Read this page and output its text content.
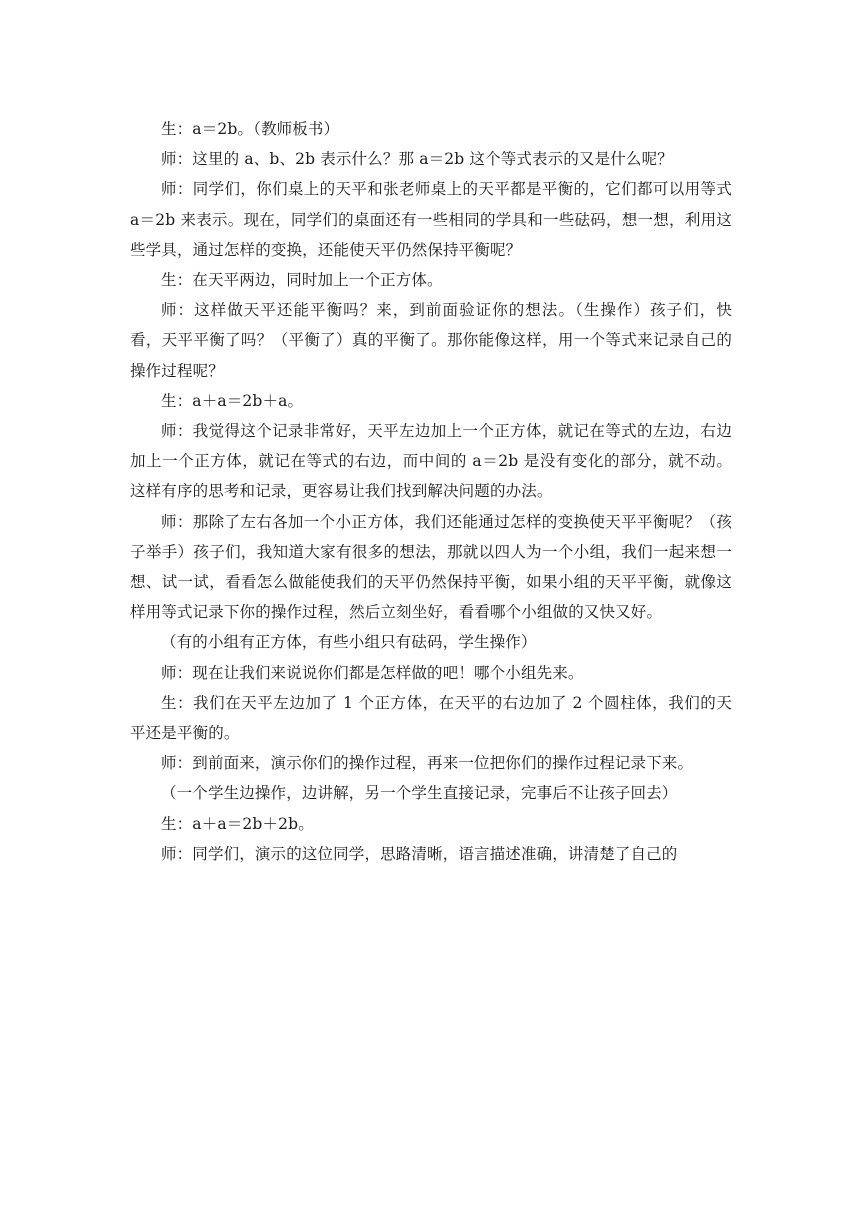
生：a＝2b。（教师板书）

师：这里的 a、b、2b 表示什么？那 a＝2b 这个等式表示的又是什么呢？

师：同学们，你们桌上的天平和张老师桌上的天平都是平衡的，它们都可以用等式 a＝2b 来表示。现在，同学们的桌面还有一些相同的学具和一些砝码，想一想，利用这些学具，通过怎样的变换，还能使天平仍然保持平衡呢？

生：在天平两边，同时加上一个正方体。

师：这样做天平还能平衡吗？来，到前面验证你的想法。（生操作）孩子们，快看，天平平衡了吗？（平衡了）真的平衡了。那你能像这样，用一个等式来记录自己的操作过程呢？

生：a＋a＝2b＋a。

师：我觉得这个记录非常好，天平左边加上一个正方体，就记在等式的左边，右边加上一个正方体，就记在等式的右边，而中间的 a＝2b 是没有变化的部分，就不动。这样有序的思考和记录，更容易让我们找到解决问题的办法。

师：那除了左右各加一个小正方体，我们还能通过怎样的变换使天平平衡呢？（孩子举手）孩子们，我知道大家有很多的想法，那就以四人为一个小组，我们一起来想一想、试一试，看看怎么做能使我们的天平仍然保持平衡，如果小组的天平平衡，就像这样用等式记录下你的操作过程，然后立刻坐好，看看哪个小组做的又快又好。

（有的小组有正方体，有些小组只有砝码，学生操作）

师：现在让我们来说说你们都是怎样做的吧！哪个小组先来。

生：我们在天平左边加了 1 个正方体，在天平的右边加了 2 个圆柱体，我们的天平还是平衡的。

师：到前面来，演示你们的操作过程，再来一位把你们的操作过程记录下来。

（一个学生边操作，边讲解，另一个学生直接记录，完事后不让孩子回去）

生：a＋a＝2b＋2b。

师：同学们，演示的这位同学，思路清晰，语言描述准确，讲清楚了自己的
